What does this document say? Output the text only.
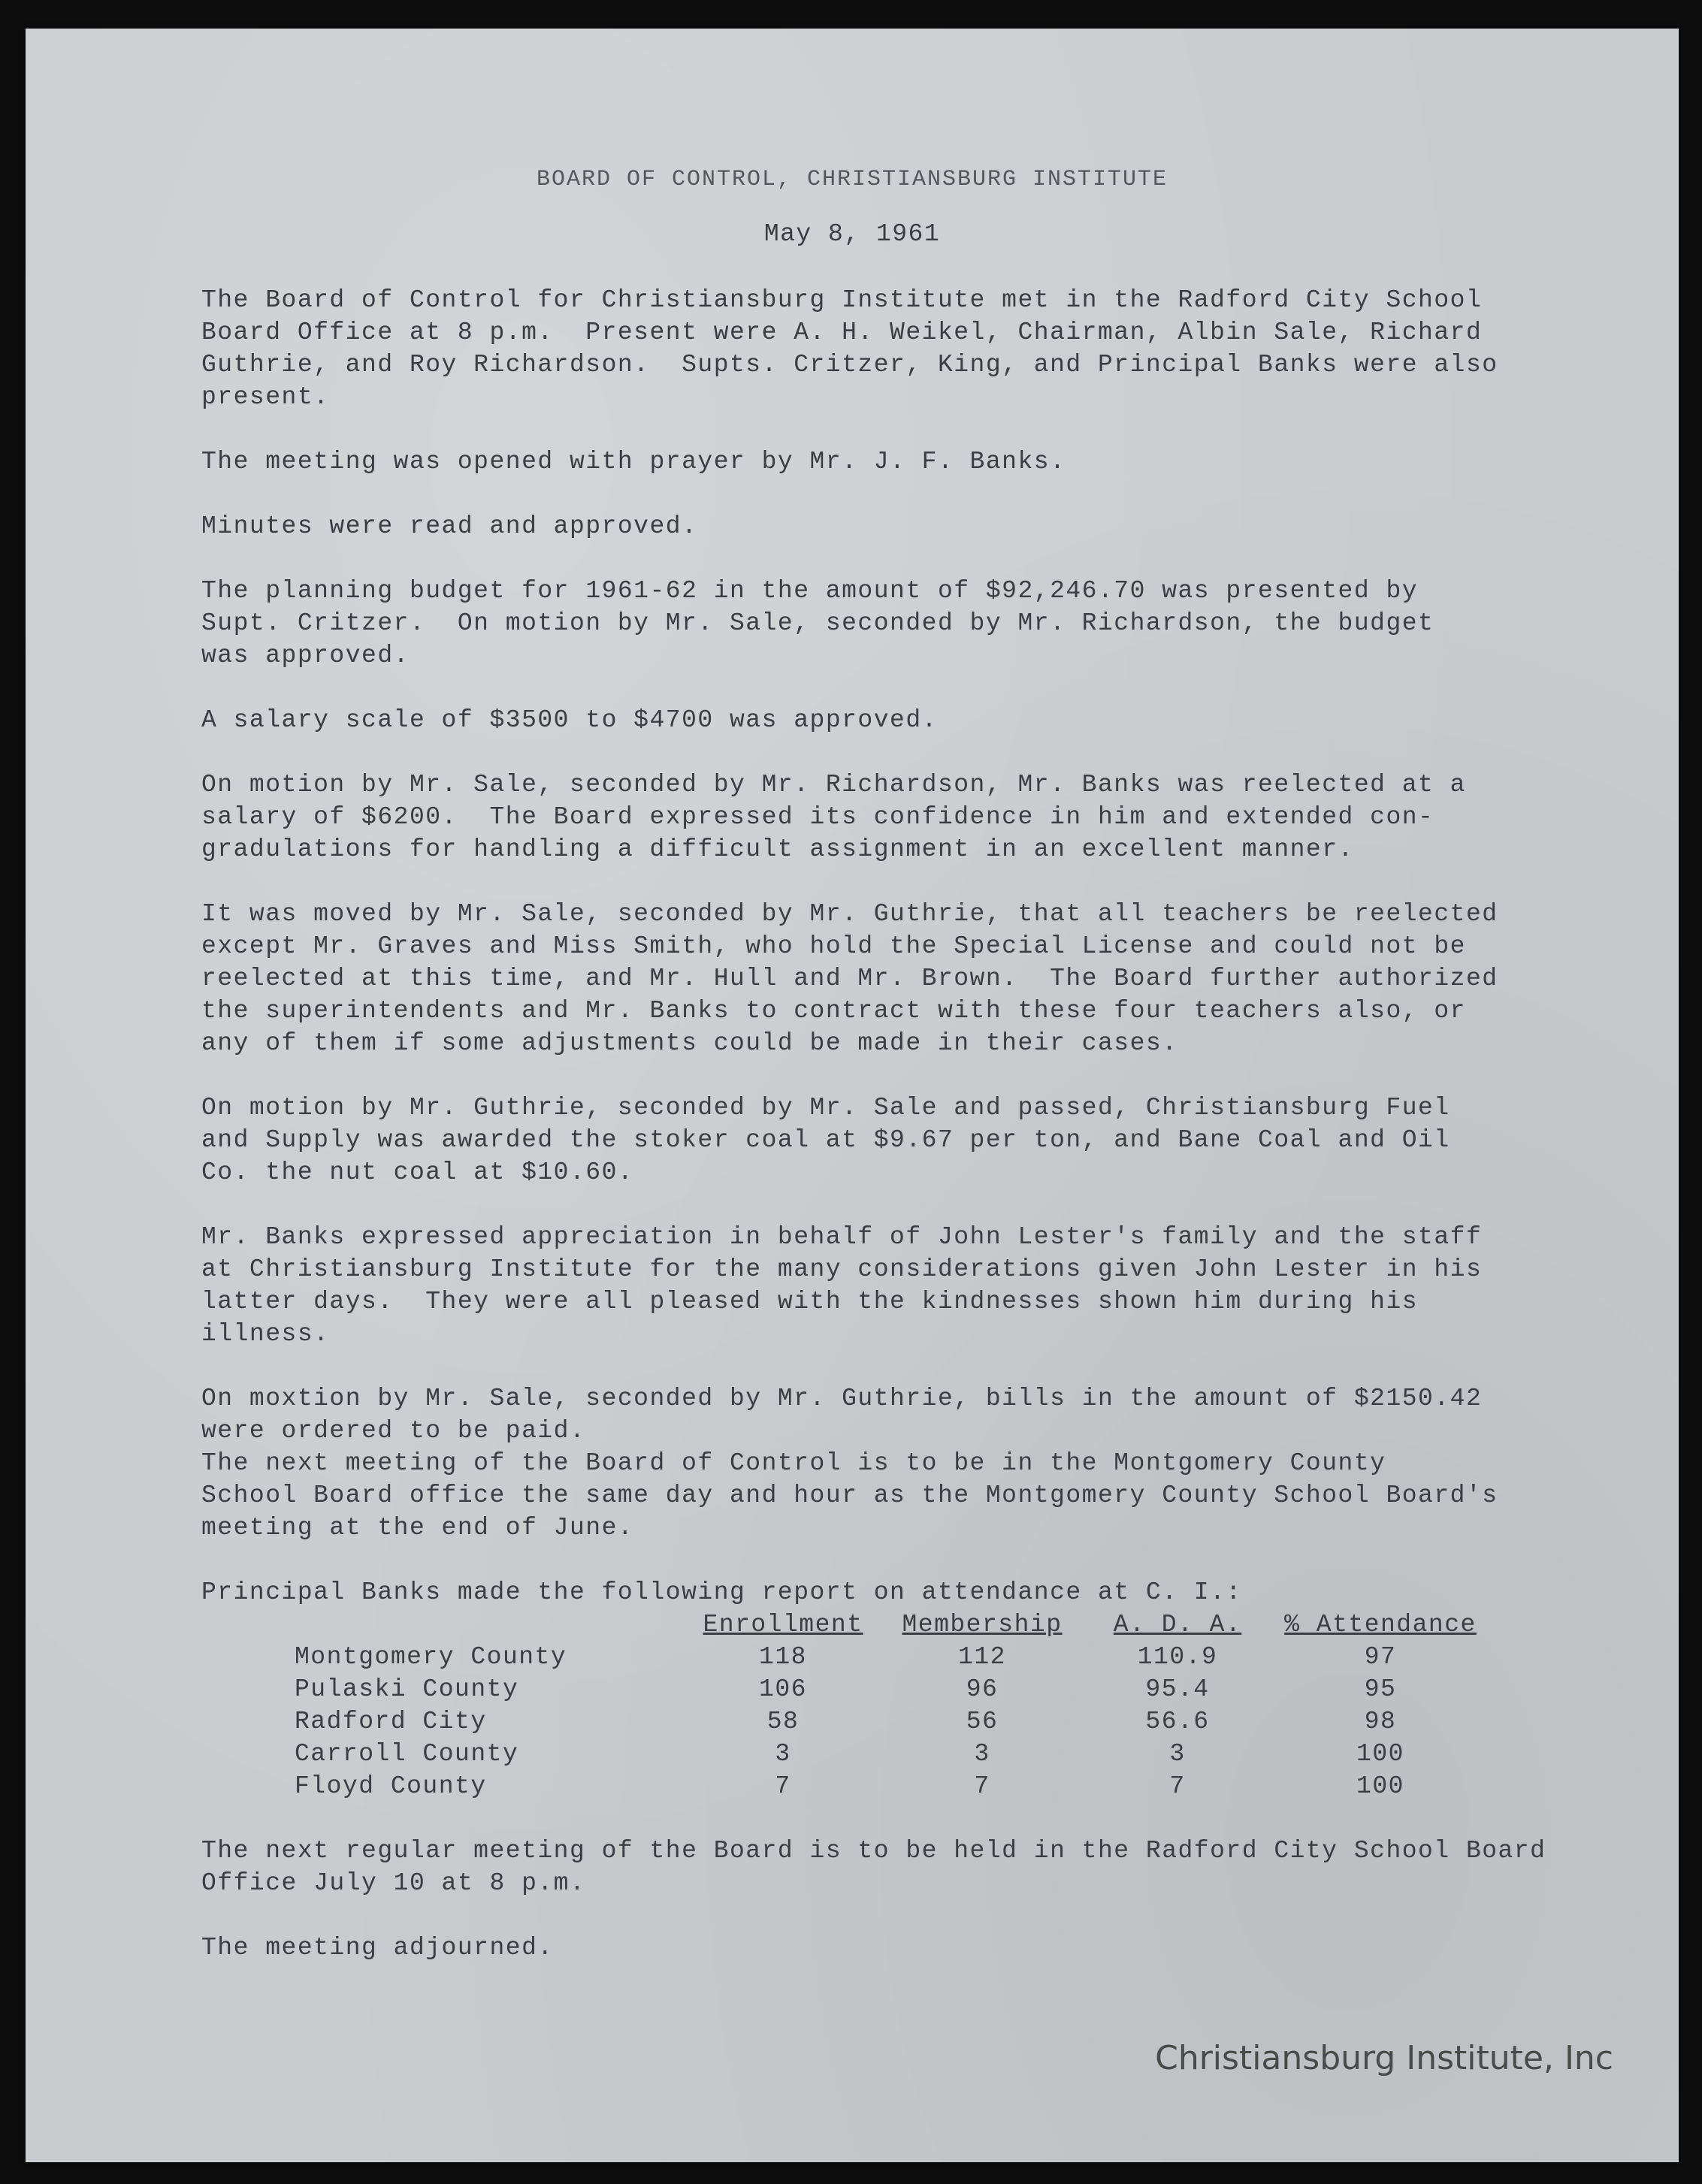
BOARD OF CONTROL, CHRISTIANSBURG INSTITUTE
May 8, 1961

The Board of Control for Christiansburg Institute met in the Radford City School
Board Office at 8 p.m.  Present were A. H. Weikel, Chairman, Albin Sale, Richard
Guthrie, and Roy Richardson.  Supts. Critzer, King, and Principal Banks were also
present.

The meeting was opened with prayer by Mr. J. F. Banks.

Minutes were read and approved.

The planning budget for 1961-62 in the amount of $92,246.70 was presented by
Supt. Critzer.  On motion by Mr. Sale, seconded by Mr. Richardson, the budget
was approved.

A salary scale of $3500 to $4700 was approved.

On motion by Mr. Sale, seconded by Mr. Richardson, Mr. Banks was reelected at a
salary of $6200.  The Board expressed its confidence in him and extended con-
gradulations for handling a difficult assignment in an excellent manner.

It was moved by Mr. Sale, seconded by Mr. Guthrie, that all teachers be reelected
except Mr. Graves and Miss Smith, who hold the Special License and could not be
reelected at this time, and Mr. Hull and Mr. Brown.  The Board further authorized
the superintendents and Mr. Banks to contract with these four teachers also, or
any of them if some adjustments could be made in their cases.

On motion by Mr. Guthrie, seconded by Mr. Sale and passed, Christiansburg Fuel
and Supply was awarded the stoker coal at $9.67 per ton, and Bane Coal and Oil
Co. the nut coal at $10.60.

Mr. Banks expressed appreciation in behalf of John Lester's family and the staff
at Christiansburg Institute for the many considerations given John Lester in his
latter days.  They were all pleased with the kindnesses shown him during his
illness.

On moxtion by Mr. Sale, seconded by Mr. Guthrie, bills in the amount of $2150.42
were ordered to be paid.

The next meeting of the Board of Control is to be in the Montgomery County
School Board office the same day and hour as the Montgomery County School Board's
meeting at the end of June.

Principal Banks made the following report on attendance at C. I.:

	Enrollment	Membership	A. D. A.	% Attendance
Montgomery County	118	112	110.9	97
Pulaski County	106	96	95.4	95
Radford City	58	56	56.6	98
Carroll County	3	3	3	100
Floyd County	7	7	7	100

The next regular meeting of the Board is to be held in the Radford City School Board
Office July 10 at 8 p.m.

The meeting adjourned.

Christiansburg Institute, Inc
